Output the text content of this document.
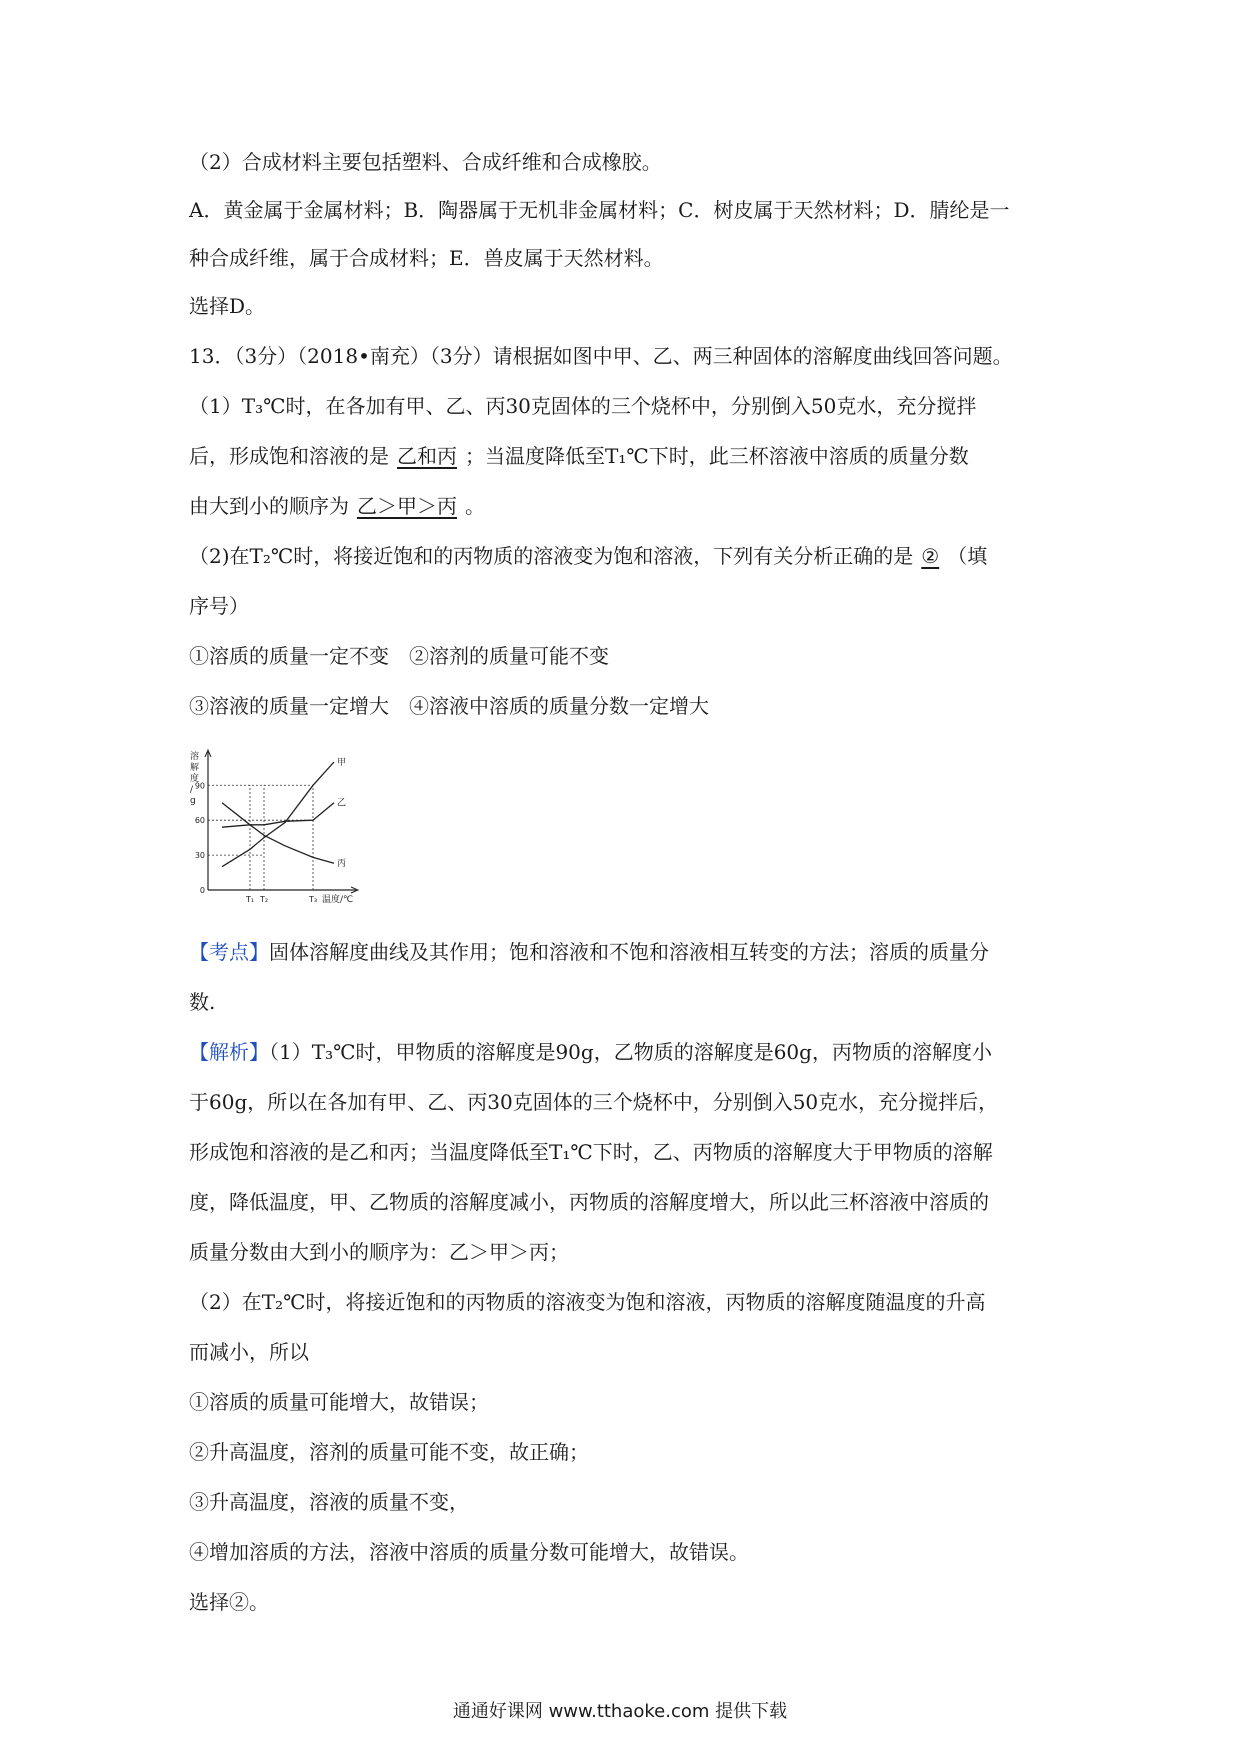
（2）合成材料主要包括塑料、合成纤维和合成橡胶。
A．黄金属于金属材料；B．陶器属于无机非金属材料；C．树皮属于天然材料；D．腈纶是一
种合成纤维，属于合成材料；E．兽皮属于天然材料。
选择D。
13．（3分）（2018•南充）（3分）请根据如图中甲、乙、两三种固体的溶解度曲线回答问题。
（1）T₃℃时，在各加有甲、乙、丙30克固体的三个烧杯中，分别倒入50克水，充分搅拌
后，形成饱和溶液的是 乙和丙 ；当温度降低至T₁℃下时，此三杯溶液中溶质的质量分数
由大到小的顺序为 乙＞甲＞丙 。
（2)在T₂℃时，将接近饱和的丙物质的溶液变为饱和溶液，下列有关分析正确的是 ② （填
序号）
①溶质的质量一定不变　②溶剂的质量可能不变
③溶液的质量一定增大　④溶液中溶质的质量分数一定增大
【考点】固体溶解度曲线及其作用；饱和溶液和不饱和溶液相互转变的方法；溶质的质量分
数.
【解析】（1）T₃℃时，甲物质的溶解度是90g，乙物质的溶解度是60g，丙物质的溶解度小
于60g，所以在各加有甲、乙、丙30克固体的三个烧杯中，分别倒入50克水，充分搅拌后，
形成饱和溶液的是乙和丙；当温度降低至T₁℃下时，乙、丙物质的溶解度大于甲物质的溶解
度，降低温度，甲、乙物质的溶解度减小，丙物质的溶解度增大，所以此三杯溶液中溶质的
质量分数由大到小的顺序为：乙＞甲＞丙；
（2）在T₂℃时，将接近饱和的丙物质的溶液变为饱和溶液，丙物质的溶解度随温度的升高
而减小，所以
①溶质的质量可能增大，故错误；
②升高温度，溶剂的质量可能不变，故正确；
③升高温度，溶液的质量不变，
④增加溶质的方法，溶液中溶质的质量分数可能增大，故错误。
选择②。
溶
解
度
/
g
温度/℃
0
30
60
90
T₁ T₂	T₃
甲
乙
丙
通通好课网 www.tthaoke.com 提供下载
